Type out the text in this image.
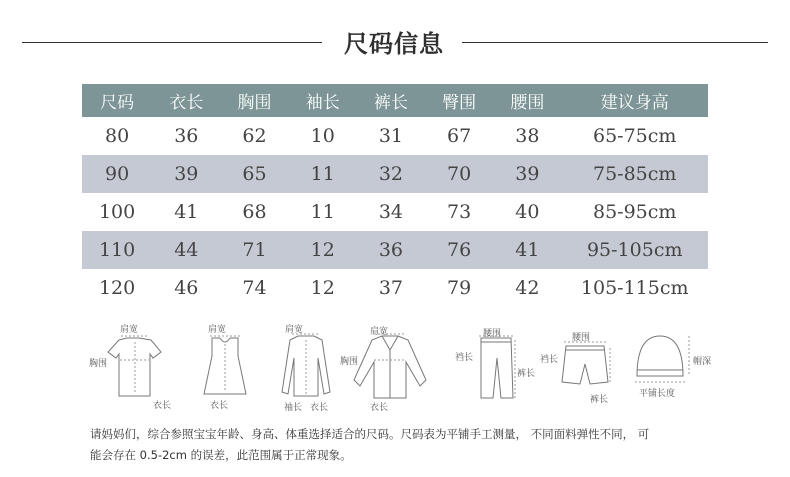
尺码信息
尺码	衣长	胸围	袖长	裤长	臀围	腰围	建议身高
80	36	62	10	31	67	38	65-75cm
90	39	65	11	32	70	39	75-85cm
100	41	68	11	34	73	40	85-95cm
110	44	71	12	36	76	41	95-105cm
120	46	74	12	37	79	42	105-115cm
肩宽
胸围
衣长
肩宽
衣长
肩宽
袖长 衣长
肩宽
胸围
衣长
腰围
裆长
裤长
腰围
裆长
裤长
帽深
平铺长度
请妈妈们，综合参照宝宝年龄、身高、体重选择适合的尺码。尺码表为平铺手工测量， 不同面料弹性不同， 可
能会存在 0.5-2cm 的误差，此范围属于正常现象。
